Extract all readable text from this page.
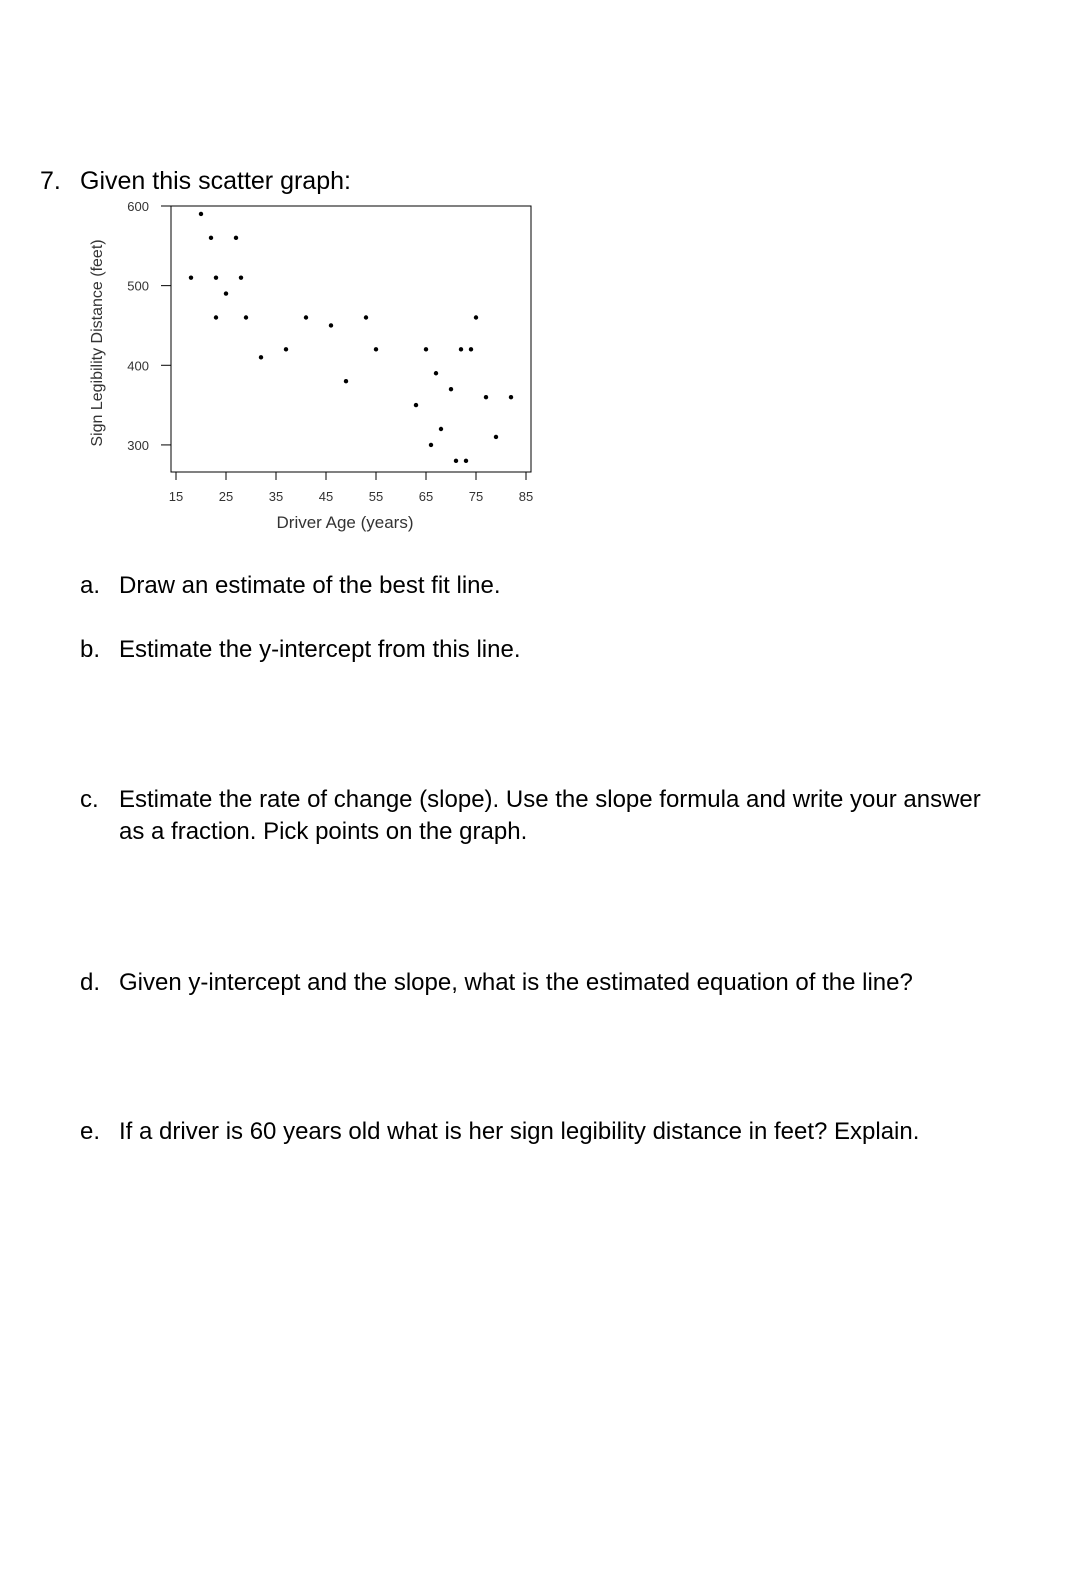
7. Given this scatter graph:
300
400
500
600
15	25	35	45	55	65	75	85
Driver Age (years)
Sign Legibility Distance (feet)
a. Draw an estimate of the best fit line.
b. Estimate the y-intercept from this line.
c. Estimate the rate of change (slope). Use the slope formula and write your answer as a fraction. Pick points on the graph.
d. Given y-intercept and the slope, what is the estimated equation of the line?
e. If a driver is 60 years old what is her sign legibility distance in feet? Explain.
